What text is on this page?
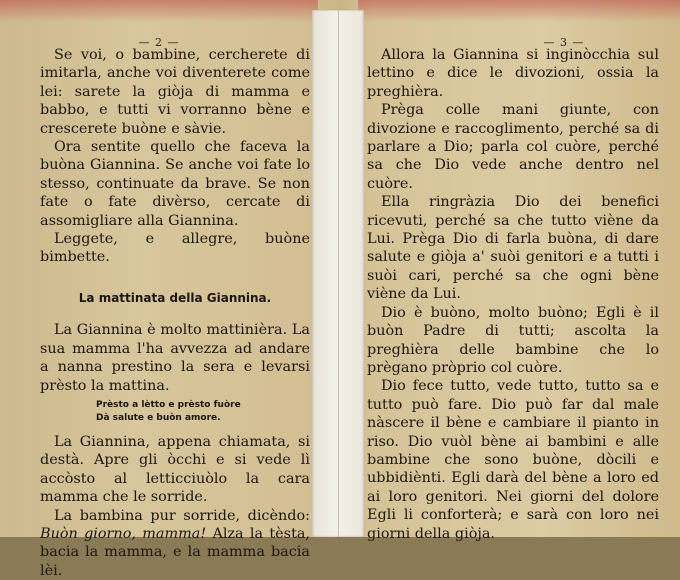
— 2 —

Se voi, o bambine, cercherete di imitarla, anche voi diventerete come lei: sarete la giòja di mamma e babbo, e tutti vi vorranno bène e crescerete buòne e sàvie.

Ora sentite quello che faceva la buòna Giannina. Se anche voi fate lo stesso, continuate da brave. Se non fate o fate divèrso, cercate di assomigliare alla Giannina.

Leggete, e allegre, buòne bimbette.

La mattinata della Giannina.

La Giannina è molto mattinièra. La sua mamma l'ha avvezza ad andare a nanna prestino la sera e levarsi prèsto la mattina.

Prèsto a lètto e prèsto fuòre

Dà salute e buòn amore.

La Giannina, appena chiamata, si destà. Apre gli òcchi e si vede lì accòsto al letticciuòlo la cara mamma che le sorride.

La bambina pur sorride, dicèndo: Buòn giorno, mamma! Alza la tèsta, bacia la mamma, e la mamma bacia lèi.

— 3 —

Allora la Giannina si inginòcchia sul lettino e dice le divozioni, ossia la preghièra.

Prèga colle mani giunte, con divozione e raccoglimento, perché sa di parlare a Dio; parla col cuòre, perché sa che Dio vede anche dentro nel cuòre.

Ella ringràzia Dio dei benefici ricevuti, perché sa che tutto viène da Lui. Prèga Dio di farla buòna, di dare salute e giòja a' suòi genitori e a tutti i suòi cari, perché sa che ogni bène viène da Lui.

Dio è buòno, molto buòno; Egli è il buòn Padre di tutti; ascolta la preghièra delle bambine che lo prègano pròprio col cuòre.

Dio fece tutto, vede tutto, tutto sa e tutto può fare. Dio può far dal male nàscere il bène e cambiare il pianto in riso. Dio vuòl bène ai bambini e alle bambine che sono buòne, dòcili e ubbidiènti. Egli darà del bène a loro ed ai loro genitori. Nei giorni del dolore Egli li conforterà; e sarà con loro nei giorni della giòja.
